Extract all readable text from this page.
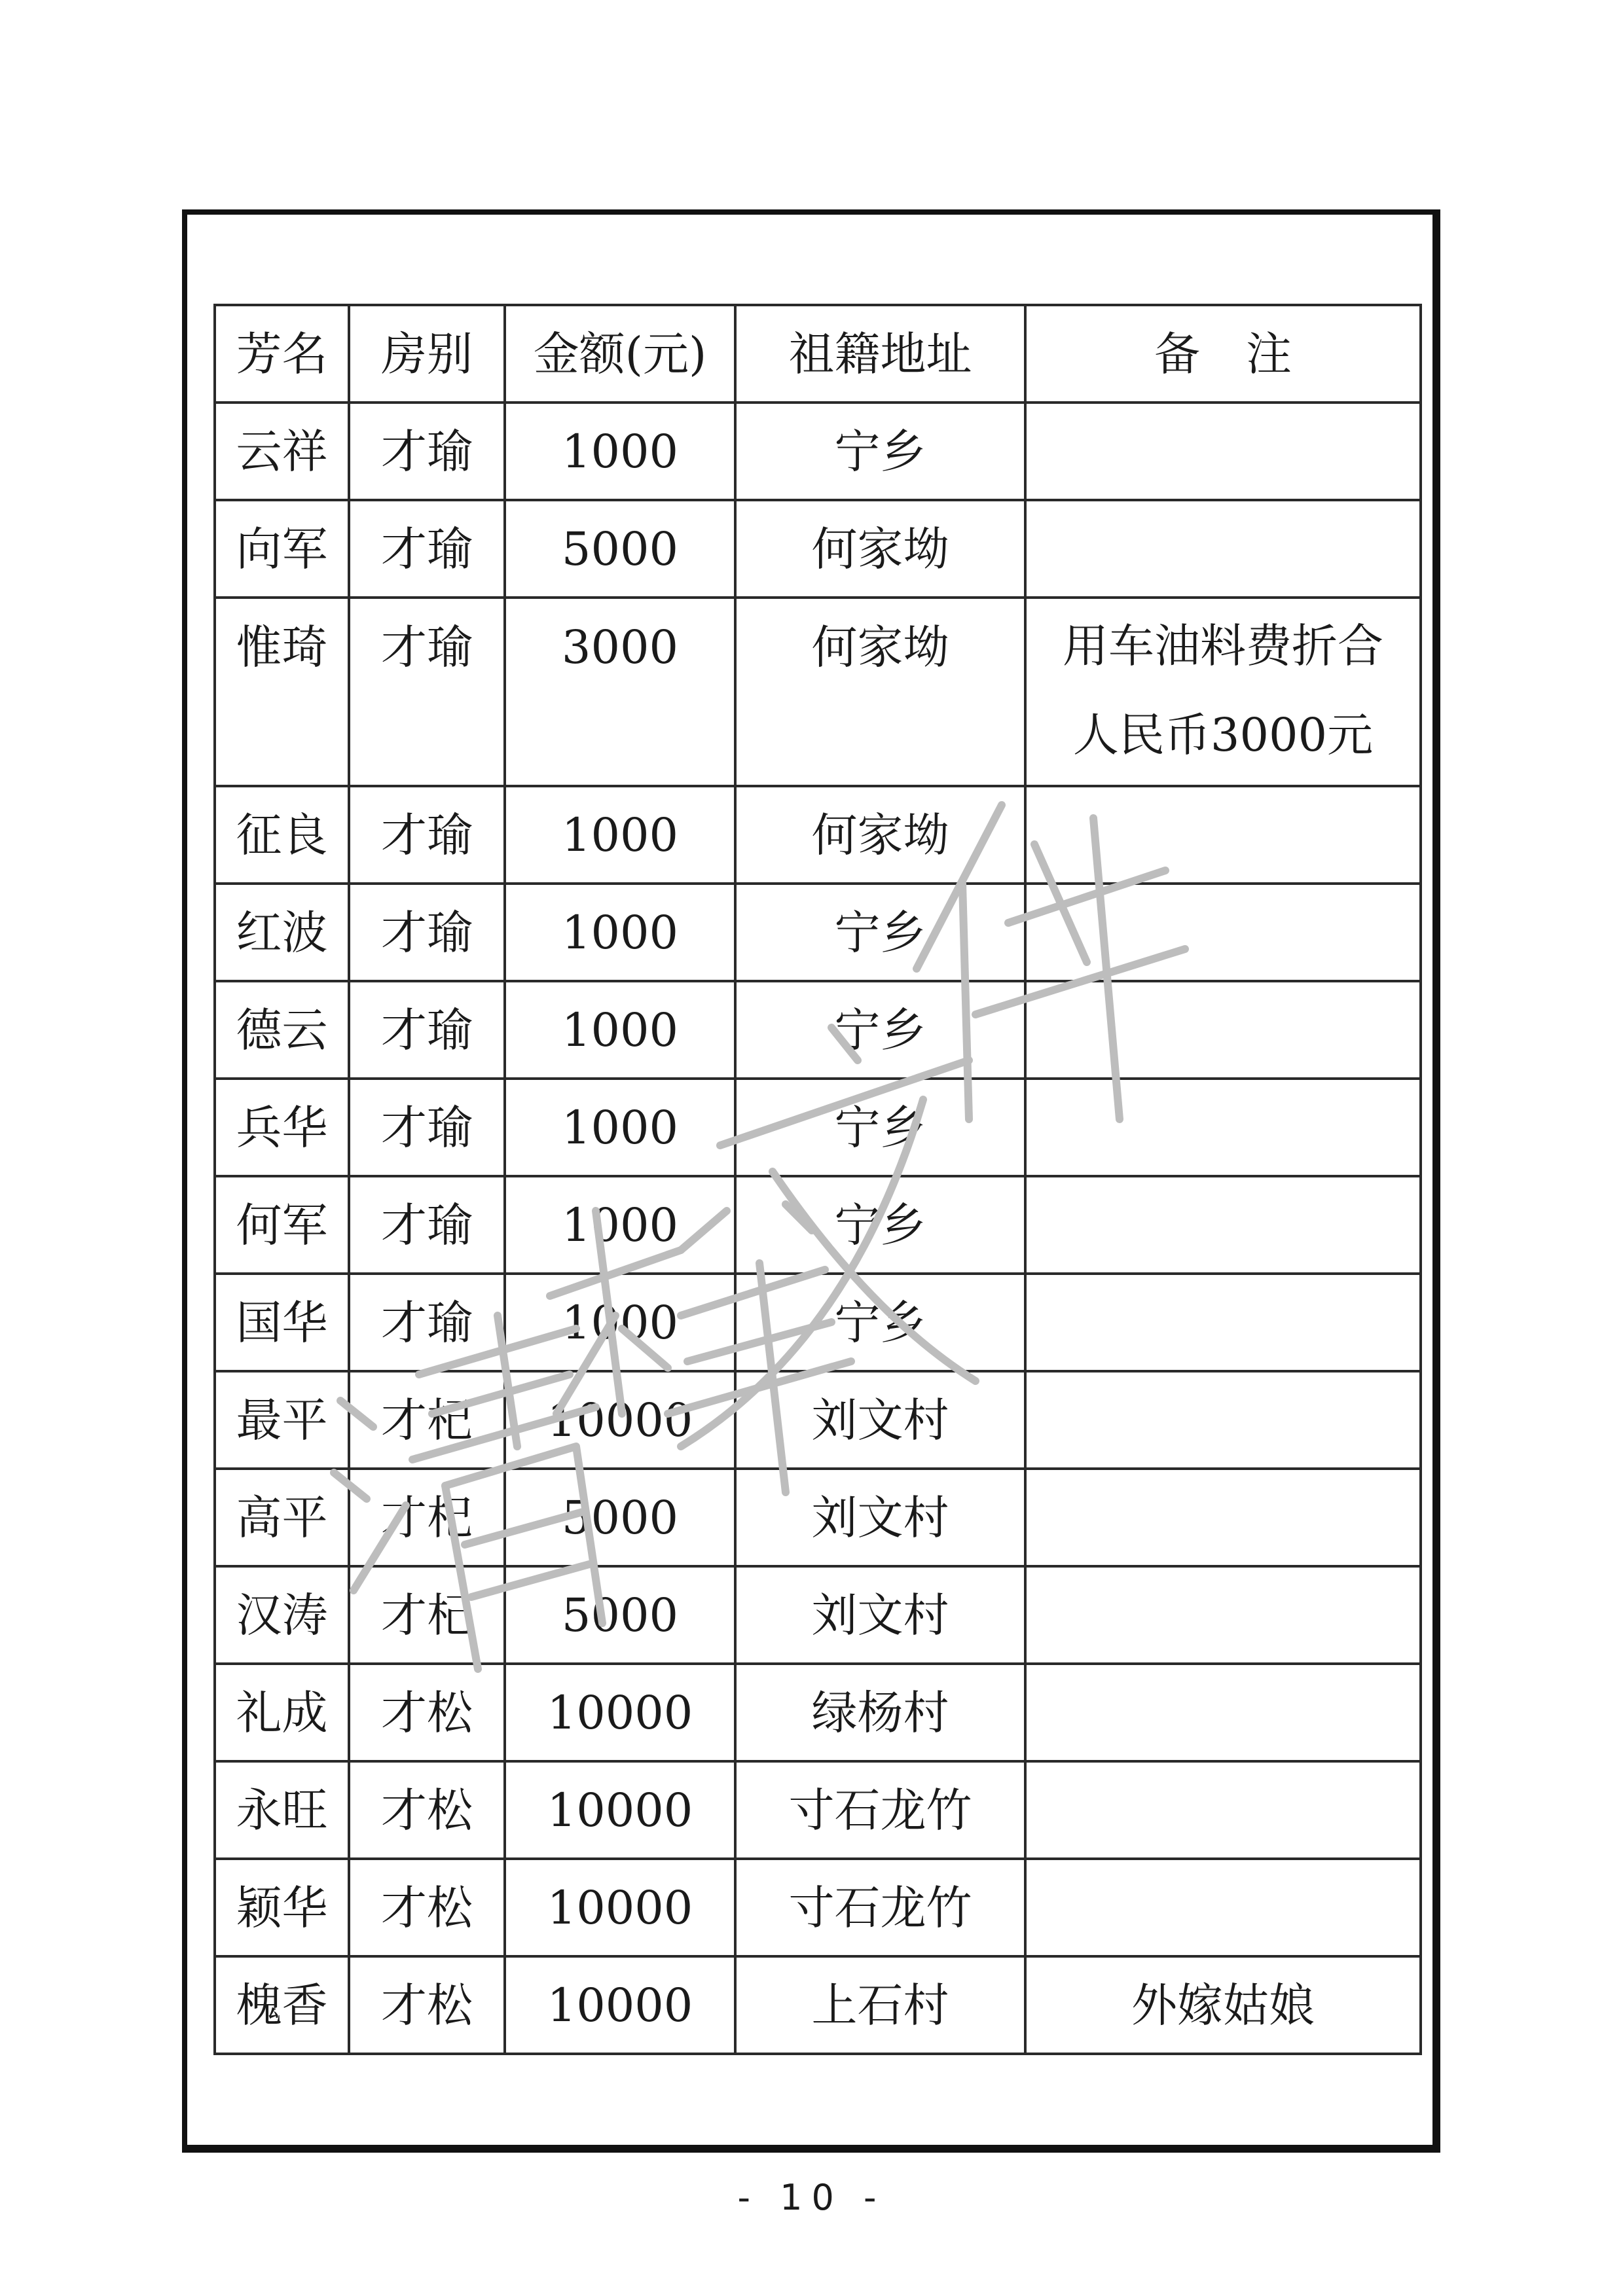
芳名	房别	金额(元)	祖籍地址	备　注
云祥	才瑜	1000	宁乡	
向军	才瑜	5000	何家坳	
惟琦	才瑜	3000	何家坳	用车油料费折合
人民币3000元

征良	才瑜	1000	何家坳	
红波	才瑜	1000	宁乡	
德云	才瑜	1000	宁乡	
兵华	才瑜	1000	宁乡	
何军	才瑜	1000	宁乡	
国华	才瑜	1000	宁乡	
最平	才杞	10000	刘文村	
高平	才杞	5000	刘文村	
汉涛	才杞	5000	刘文村	
礼成	才松	10000	绿杨村	
永旺	才松	10000	寸石龙竹	
颖华	才松	10000	寸石龙竹	
槐香	才松	10000	上石村	外嫁姑娘
- 10 -
